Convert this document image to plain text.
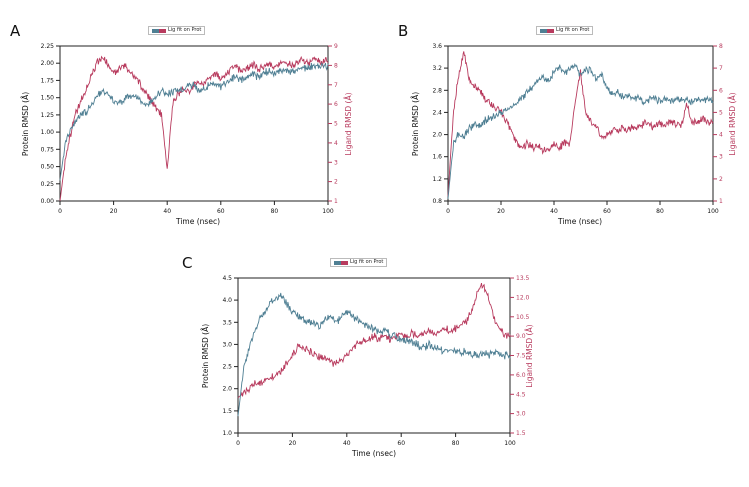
A	Lig fit on Prot
0.00
0.25
0.50
0.75
1.00
1.25
1.50
1.75
2.00
2.25
1
2
3
4
5
6
7
8
9
0	20	40	60	80	100
Time (nsec)
Protein RMSD (Å)	Ligand RMSD (Å)
B	Lig fit on Prot
0.8
1.2
1.6
2.0
2.4
2.8
3.2
3.6
1
2
3
4
5
6
7
8
0	20	40	60	80	100
Time (nsec)
Protein RMSD (Å)	Ligand RMSD (Å)
C	Lig fit on Prot
1.0
1.5
2.0
2.5
3.0
3.5
4.0
4.5
1.5
3.0
4.5
6.0
7.5
9.0
10.5
12.0
13.5
0	20	40	60	80	100
Time (nsec)
Protein RMSD (Å)	Ligand RMSD (Å)
